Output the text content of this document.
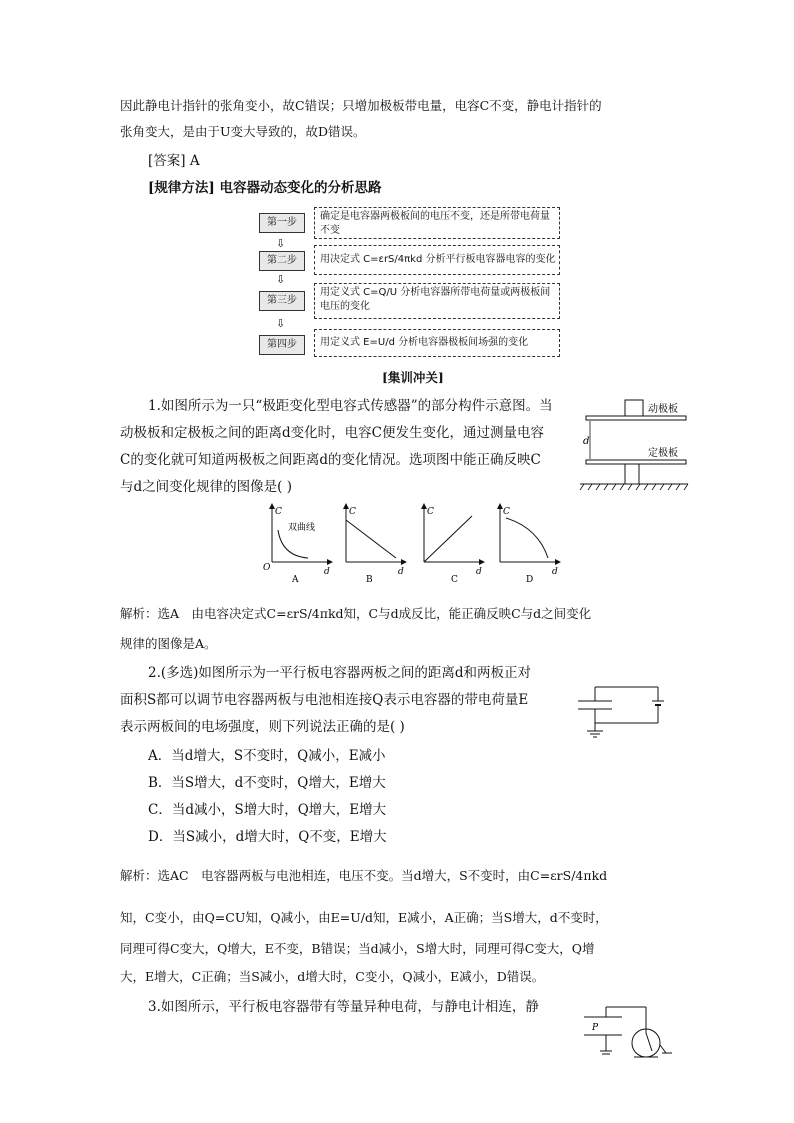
因此静电计指针的张角变小，故C错误；只增加极板带电量，电容C不变，静电计指针的
张角变大，是由于U变大导致的，故D错误。
[答案] A
[规律方法] 电容器动态变化的分析思路
第一步
确定是电容器两极板间的电压不变，还是所带电荷量不变
⇩
第二步	用决定式 C=εrS/4πkd 分析平行板电容器电容的变化
⇩
第三步
用定义式 C=Q/U 分析电容器所带电荷量或两极板间电压的变化
⇩
第四步	用定义式 E=U/d 分析电容器极板间场强的变化
[集训冲关]
1.如图所示为一只“极距变化型电容式传感器”的部分构件示意图。当
动极板和定极板之间的距离d变化时，电容C便发生变化，通过测量电容
C的变化就可知道两极板之间距离d的变化情况。选项图中能正确反映C
与d之间变化规律的图像是( )
d
动极板
定极板
双曲线
C
d
O
A
C
d
B
C
d
C
C
d
D
解析：选A　由电容决定式C=εrS/4πkd知，C与d成反比，能正确反映C与d之间变化
规律的图像是A。
2.(多选)如图所示为一平行板电容器两板之间的距离d和两板正对
面积S都可以调节电容器两板与电池相连接Q表示电容器的带电荷量E
表示两板间的电场强度，则下列说法正确的是( )
A．当d增大，S不变时，Q减小，E减小
B．当S增大，d不变时，Q增大，E增大
C．当d减小，S增大时，Q增大，E增大
D．当S减小，d增大时，Q不变，E增大
解析：选AC　电容器两板与电池相连，电压不变。当d增大，S不变时，由C=εrS/4πkd
知，C变小，由Q=CU知，Q减小，由E=U/d知，E减小，A正确；当S增大，d不变时，
同理可得C变大，Q增大，E不变，B错误；当d减小，S增大时，同理可得C变大，Q增
大，E增大，C正确；当S减小，d增大时，C变小，Q减小，E减小，D错误。
3.如图所示，平行板电容器带有等量异种电荷，与静电计相连，静
P
